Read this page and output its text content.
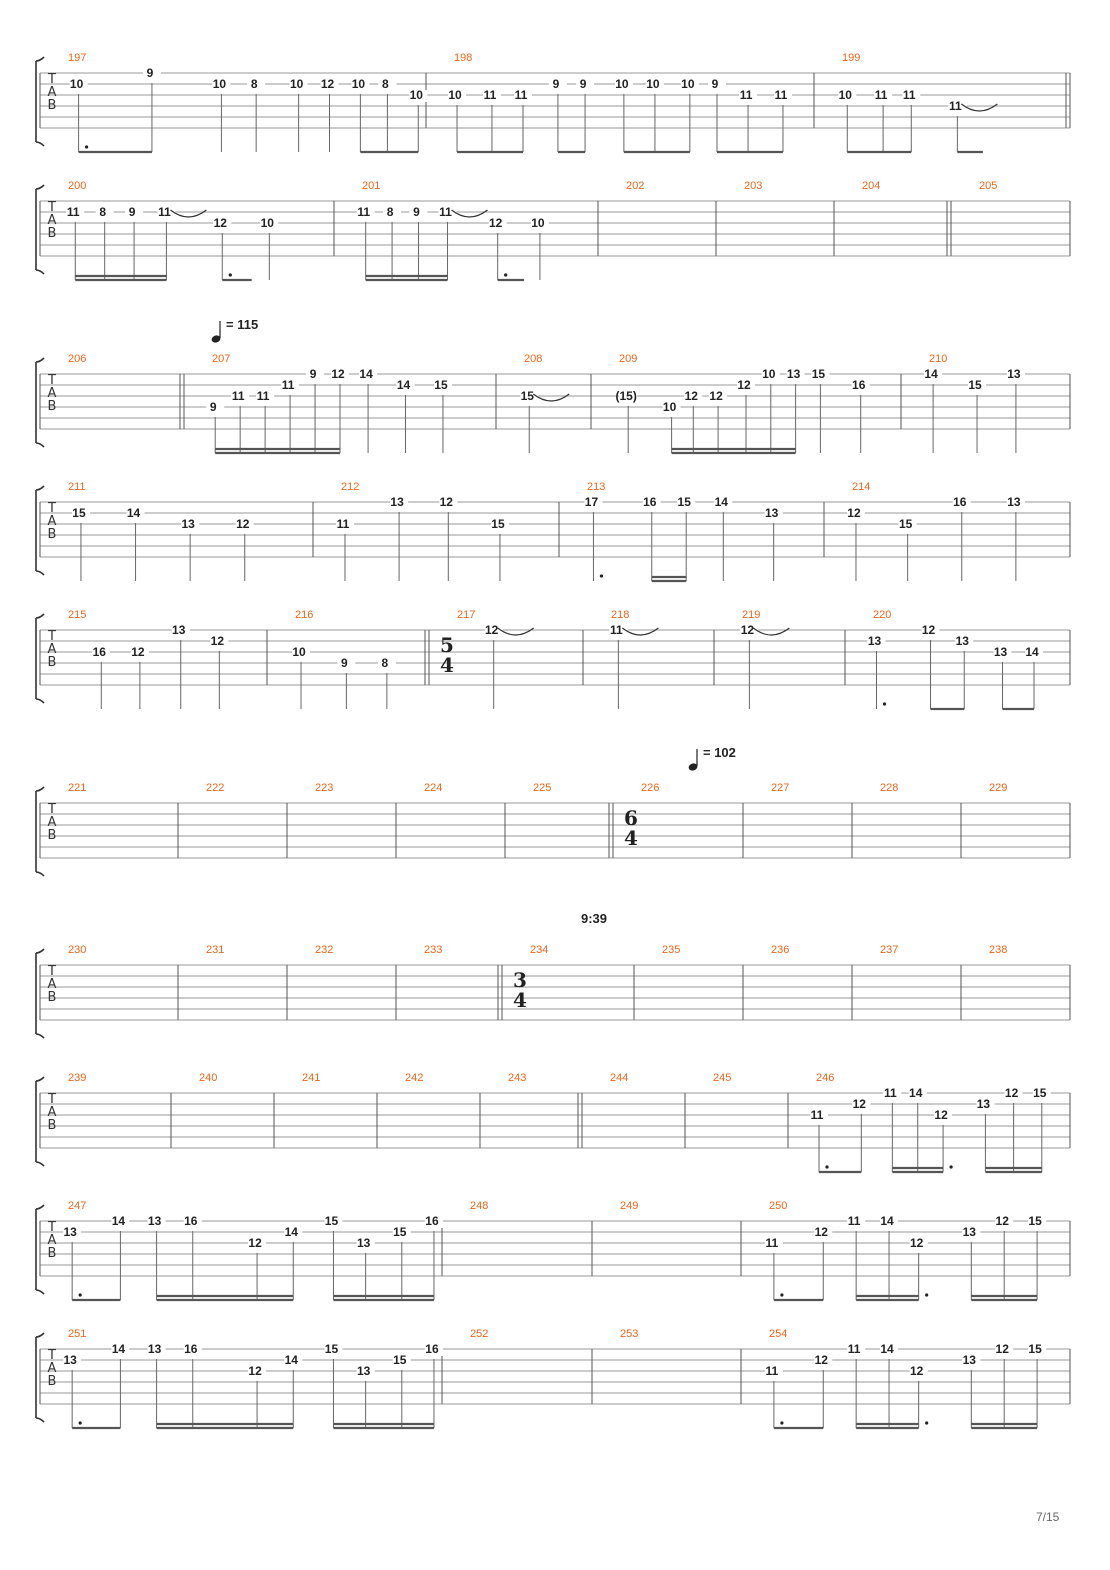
T
A
B
197
10
9
10 8	10 12 10 8
10
198
10 11 11
9 9 10 10 10 9
11 11
199
10 11 11
11
T
A
B
200
11 8 9 11
12	10
201
11 8 9 11
12 10
202	203	204	205
T
A
B
= 115
206	207
9
11 11
11
9 12 14
14 15
208
15
209
(15)
10
12 12
12
10 13 15
16
210
14
15
13
T
A
B
211
15	14
13	12
212
11
13	12
15
213
17	16 15 14
13
214
12
15
16	13
T
A
B
215
16 12
13
12
216
10
9	8
217
5
4
12
218
11
219
12
220
13
12
13
13 14
T
A
B
= 102
221	222	223	224	225	226
6
4
227	228	229
T
A
B
9:39
230	231	232	233	234
3
4
235	236	237	238
T
A
B
239	240	241	242	243	244	245	246
11
12
11 14
12
13
12 15
T
A
B
247
13
14 13 16
12
14
15
13
15
16
248	249	250
11
12
11 14
12
13
12 15
T
A
B
251
13
14 13 16
12
14
15
13
15
16
252	253	254
11
12
11 14
12
13
12 15
7/15
